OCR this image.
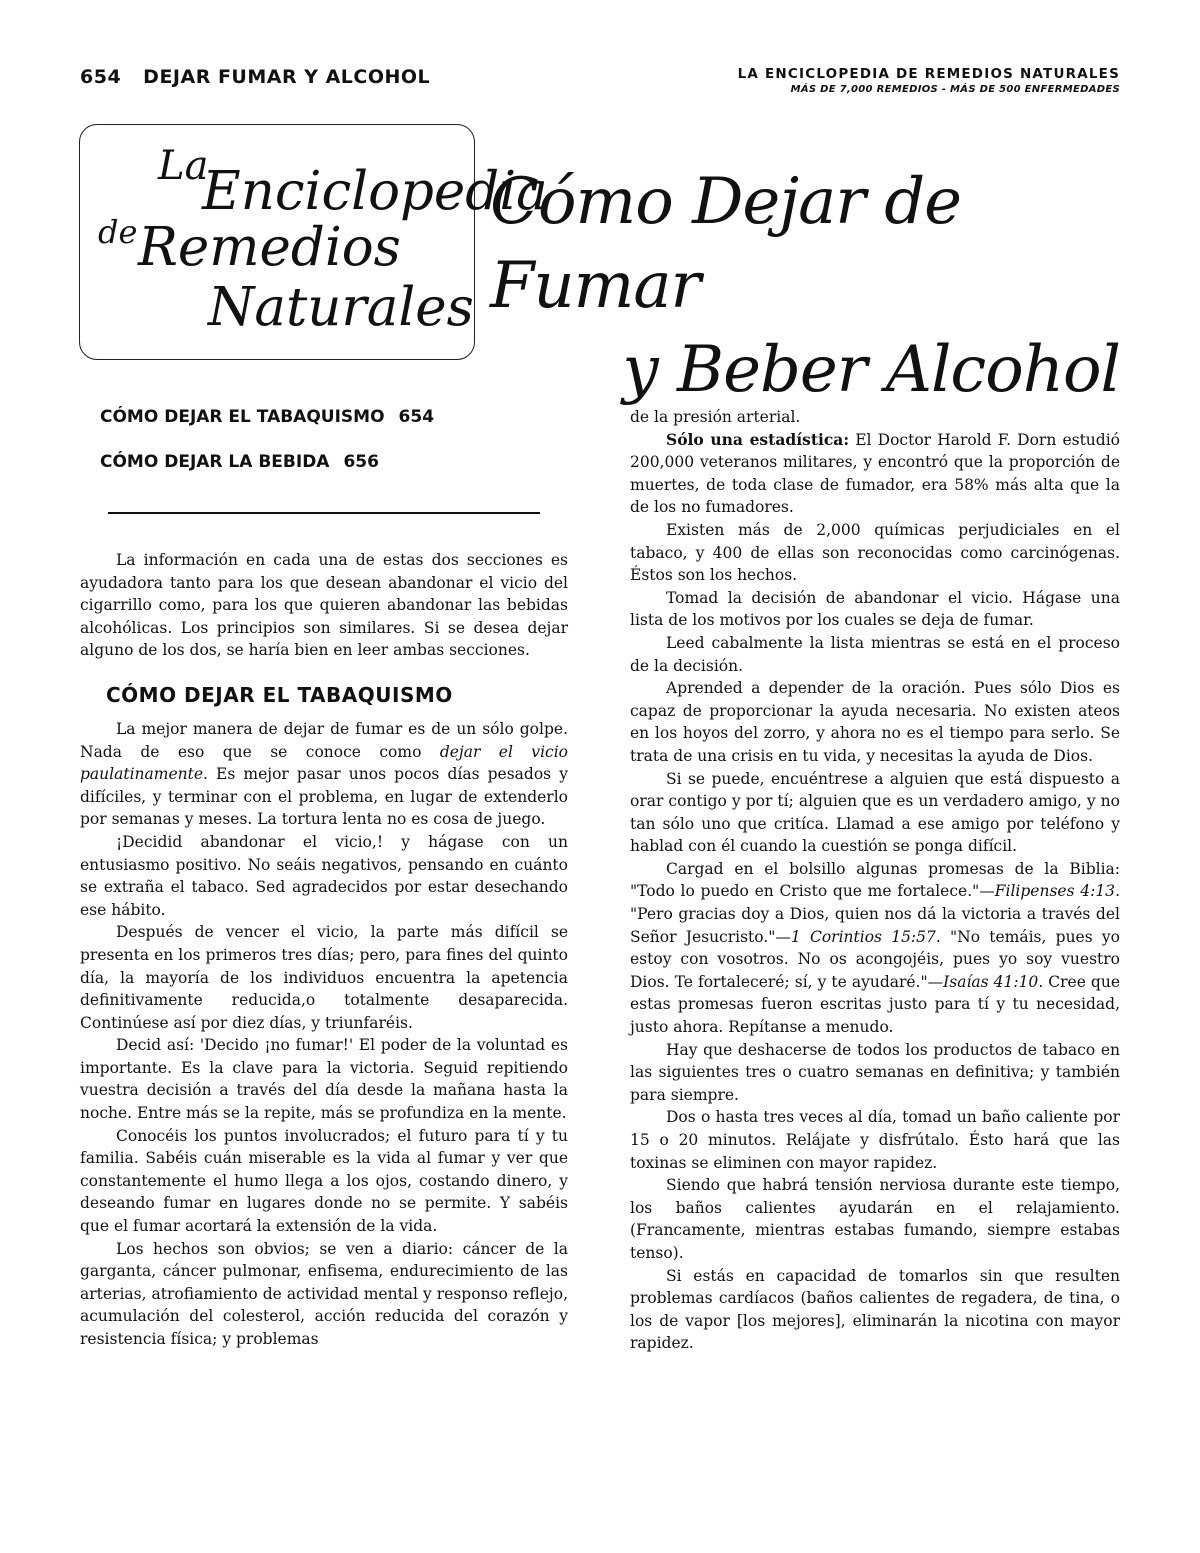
654 DEJAR FUMAR Y ALCOHOL	LA ENCICLOPEDIA DE REMEDIOS NATURALES
MÁS DE 7,000 REMEDIOS - MÁS DE 500 ENFERMEDADES
La
Enciclopedia
de Remedios
Naturales
Cómo Dejar de Fumar
y Beber Alcohol
CÓMO DEJAR EL TABAQUISMO 654
CÓMO DEJAR LA BEBIDA 656

La información en cada una de estas dos secciones es ayudadora tanto para los que desean abandonar el vicio del cigarrillo como, para los que quieren abandonar las bebidas alcohólicas. Los principios son similares. Si se desea dejar alguno de los dos, se haría bien en leer ambas secciones.

CÓMO DEJAR EL TABAQUISMO

La mejor manera de dejar de fumar es de un sólo golpe. Nada de eso que se conoce como dejar el vicio paulatinamente. Es mejor pasar unos pocos días pesados y difíciles, y terminar con el problema, en lugar de extenderlo por semanas y meses. La tortura lenta no es cosa de juego.

¡Decidid abandonar el vicio,! y hágase con un entusiasmo positivo. No seáis negativos, pensando en cuánto se extraña el tabaco. Sed agradecidos por estar desechando ese hábito.

Después de vencer el vicio, la parte más difícil se presenta en los primeros tres días; pero, para fines del quinto día, la mayoría de los individuos encuentra la apetencia definitivamente reducida,o totalmente desaparecida. Continúese así por diez días, y triunfaréis.

Decid así: 'Decido ¡no fumar!' El poder de la voluntad es importante. Es la clave para la victoria. Seguid repitiendo vuestra decisión a través del día desde la mañana hasta la noche. Entre más se la repite, más se profundiza en la mente.

Conocéis los puntos involucrados; el futuro para tí y tu familia. Sabéis cuán miserable es la vida al fumar y ver que constantemente el humo llega a los ojos, costando dinero, y deseando fumar en lugares donde no se permite. Y sabéis que el fumar acortará la extensión de la vida.

Los hechos son obvios; se ven a diario: cáncer de la garganta, cáncer pulmonar, enfisema, endurecimiento de las arterias, atrofiamiento de actividad mental y responso reflejo, acumulación del colesterol, acción reducida del corazón y resistencia física; y problemas

de la presión arterial.

Sólo una estadística: El Doctor Harold F. Dorn estudió 200,000 veteranos militares, y encontró que la proporción de muertes, de toda clase de fumador, era 58% más alta que la de los no fumadores.

Existen más de 2,000 químicas perjudiciales en el tabaco, y 400 de ellas son reconocidas como carcinógenas. Éstos son los hechos.

Tomad la decisión de abandonar el vicio. Hágase una lista de los motivos por los cuales se deja de fumar.

Leed cabalmente la lista mientras se está en el proceso de la decisión.

Aprended a depender de la oración. Pues sólo Dios es capaz de proporcionar la ayuda necesaria. No existen ateos en los hoyos del zorro, y ahora no es el tiempo para serlo. Se trata de una crisis en tu vida, y necesitas la ayuda de Dios.

Si se puede, encuéntrese a alguien que está dispuesto a orar contigo y por tí; alguien que es un verdadero amigo, y no tan sólo uno que critíca. Llamad a ese amigo por teléfono y hablad con él cuando la cuestión se ponga difícil.

Cargad en el bolsillo algunas promesas de la Biblia: "Todo lo puedo en Cristo que me fortalece."—Filipenses 4:13. "Pero gracias doy a Dios, quien nos dá la victoria a través del Señor Jesucristo."—1 Corintios 15:57. "No temáis, pues yo estoy con vosotros. No os acongojéis, pues yo soy vuestro Dios. Te fortaleceré; sí, y te ayudaré."—Isaías 41:10. Cree que estas promesas fueron escritas justo para tí y tu necesidad, justo ahora. Repítanse a menudo.

Hay que deshacerse de todos los productos de tabaco en las siguientes tres o cuatro semanas en definitiva; y también para siempre.

Dos o hasta tres veces al día, tomad un baño caliente por 15 o 20 minutos. Relájate y disfrútalo. Ésto hará que las toxinas se eliminen con mayor rapidez.

Siendo que habrá tensión nerviosa durante este tiempo, los baños calientes ayudarán en el relajamiento. (Francamente, mientras estabas fumando, siempre estabas tenso).

Si estás en capacidad de tomarlos sin que resulten problemas cardíacos (baños calientes de regadera, de tina, o los de vapor [los mejores], eliminarán la nicotina con mayor rapidez.
